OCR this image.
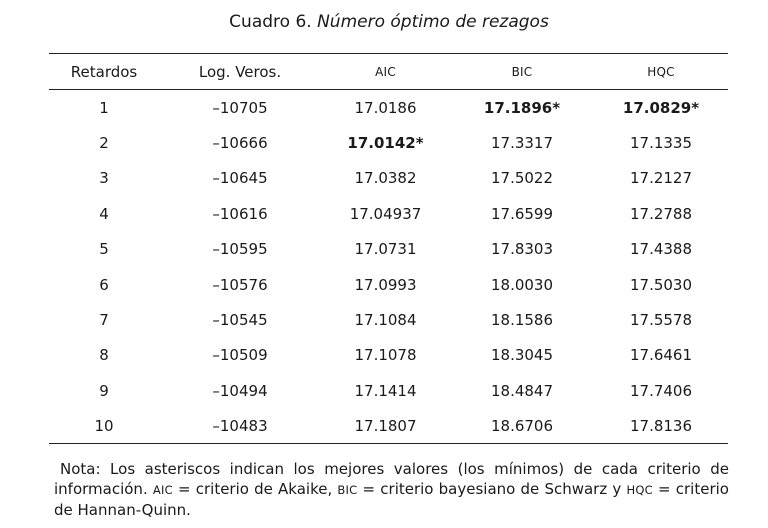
Cuadro 6. Número óptimo de rezagos
Retardos	Log. Veros.	AIC	BIC	HQC
1	–10705	17.0186	17.1896*	17.0829*
2	–10666	17.0142*	17.3317	17.1335
3	–10645	17.0382	17.5022	17.2127
4	–10616	17.04937	17.6599	17.2788
5	–10595	17.0731	17.8303	17.4388
6	–10576	17.0993	18.0030	17.5030
7	–10545	17.1084	18.1586	17.5578
8	–10509	17.1078	18.3045	17.6461
9	–10494	17.1414	18.4847	17.7406
10	–10483	17.1807	18.6706	17.8136
Nota: Los asteriscos indican los mejores valores (los mínimos) de cada criterio de información. AIC = criterio de Akaike, BIC = criterio bayesiano de Schwarz y HQC = criterio de Hannan-Quinn.
